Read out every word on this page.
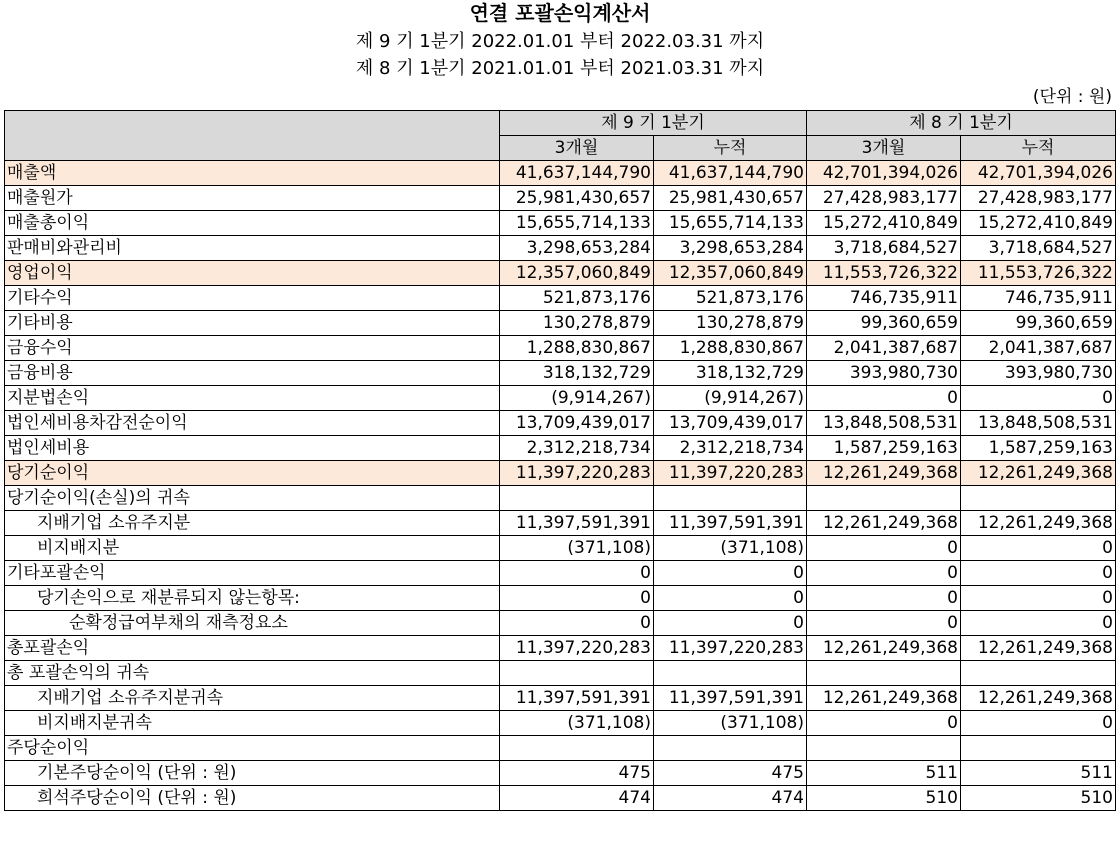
연결 포괄손익계산서
제 9 기 1분기 2022.01.01 부터 2022.03.31 까지
제 8 기 1분기 2021.01.01 부터 2021.03.31 까지
(단위 : 원)
	제 9 기 1분기		제 8 기 1분기	
	3개월	누적	3개월	누적
매출액	41,637,144,790	41,637,144,790	42,701,394,026	42,701,394,026
매출원가	25,981,430,657	25,981,430,657	27,428,983,177	27,428,983,177
매출총이익	15,655,714,133	15,655,714,133	15,272,410,849	15,272,410,849
판매비와관리비	3,298,653,284	3,298,653,284	3,718,684,527	3,718,684,527
영업이익	12,357,060,849	12,357,060,849	11,553,726,322	11,553,726,322
기타수익	521,873,176	521,873,176	746,735,911	746,735,911
기타비용	130,278,879	130,278,879	99,360,659	99,360,659
금융수익	1,288,830,867	1,288,830,867	2,041,387,687	2,041,387,687
금융비용	318,132,729	318,132,729	393,980,730	393,980,730
지분법손익	(9,914,267)	(9,914,267)	0	0
법인세비용차감전순이익	13,709,439,017	13,709,439,017	13,848,508,531	13,848,508,531
법인세비용	2,312,218,734	2,312,218,734	1,587,259,163	1,587,259,163
당기순이익	11,397,220,283	11,397,220,283	12,261,249,368	12,261,249,368
당기순이익(손실)의 귀속				
지배기업 소유주지분	11,397,591,391	11,397,591,391	12,261,249,368	12,261,249,368
비지배지분	(371,108)	(371,108)	0	0
기타포괄손익	0	0	0	0
당기손익으로 재분류되지 않는항목:	0	0	0	0
순확정급여부채의 재측정요소	0	0	0	0
총포괄손익	11,397,220,283	11,397,220,283	12,261,249,368	12,261,249,368
총 포괄손익의 귀속				
지배기업 소유주지분귀속	11,397,591,391	11,397,591,391	12,261,249,368	12,261,249,368
비지배지분귀속	(371,108)	(371,108)	0	0
주당순이익				
기본주당순이익 (단위 : 원)	475	475	511	511
희석주당순이익 (단위 : 원)	474	474	510	510
